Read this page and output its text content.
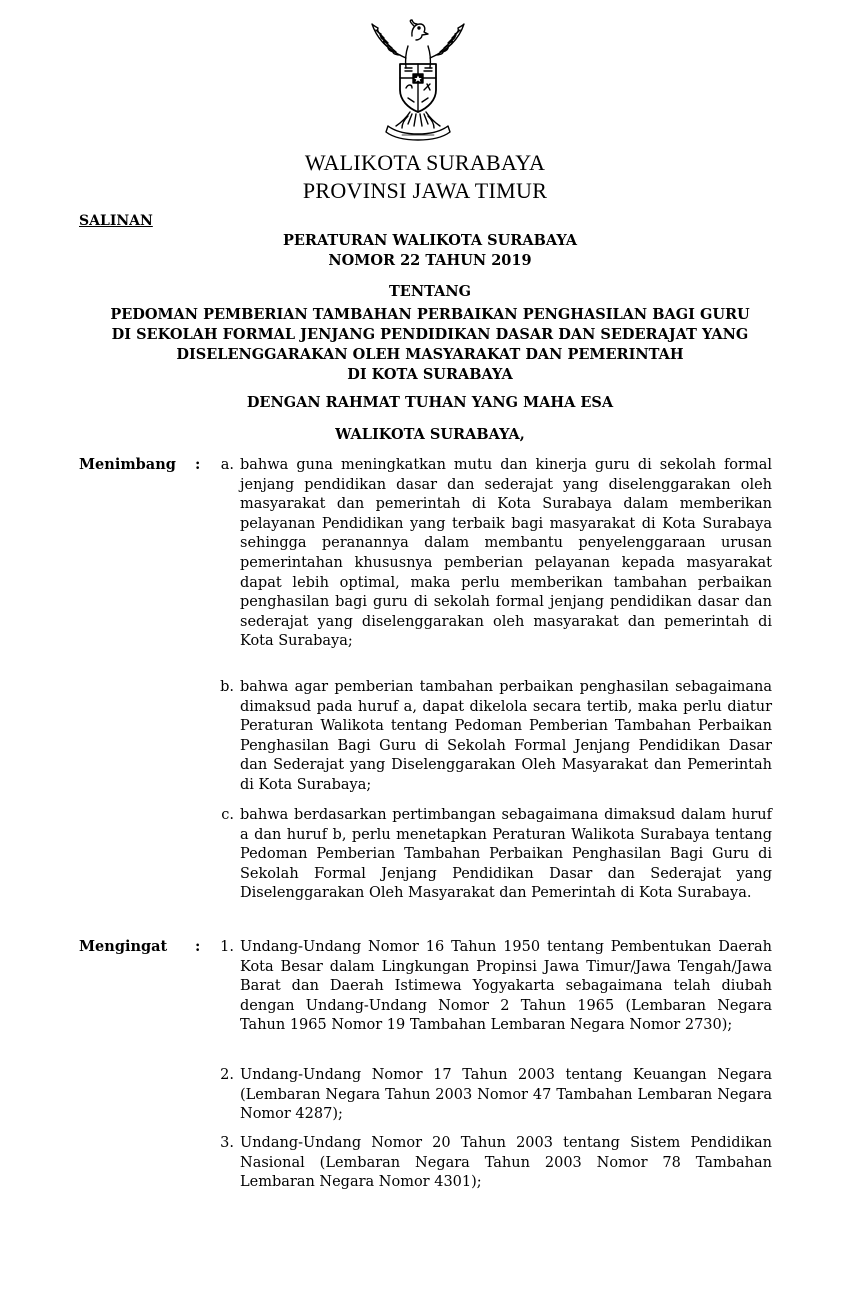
WALIKOTA SURABAYA
PROVINSI JAWA TIMUR
SALINAN
PERATURAN WALIKOTA SURABAYA
NOMOR 22 TAHUN 2019
TENTANG
PEDOMAN PEMBERIAN TAMBAHAN PERBAIKAN PENGHASILAN BAGI GURU
DI SEKOLAH FORMAL JENJANG PENDIDIKAN DASAR DAN SEDERAJAT YANG
DISELENGGARAKAN OLEH MASYARAKAT DAN PEMERINTAH
DI KOTA SURABAYA
DENGAN RAHMAT TUHAN YANG MAHA ESA
WALIKOTA SURABAYA,
Menimbang :	a. bahwa guna meningkatkan mutu dan kinerja guru di sekolah formal jenjang pendidikan dasar dan sederajat yang diselenggarakan oleh masyarakat dan pemerintah di Kota Surabaya dalam memberikan pelayanan Pendidikan yang terbaik bagi masyarakat di Kota Surabaya sehingga peranannya dalam membantu penyelenggaraan urusan pemerintahan khususnya pemberian pelayanan kepada masyarakat dapat lebih optimal, maka perlu memberikan tambahan perbaikan penghasilan bagi guru di sekolah formal jenjang pendidikan dasar dan sederajat yang diselenggarakan oleh masyarakat dan pemerintah di Kota Surabaya;
b. bahwa agar pemberian tambahan perbaikan penghasilan sebagaimana dimaksud pada huruf a, dapat dikelola secara tertib, maka perlu diatur Peraturan Walikota tentang Pedoman Pemberian Tambahan Perbaikan Penghasilan Bagi Guru di Sekolah Formal Jenjang Pendidikan Dasar dan Sederajat yang Diselenggarakan Oleh Masyarakat dan Pemerintah di Kota Surabaya;
c. bahwa berdasarkan pertimbangan sebagaimana dimaksud dalam huruf a dan huruf b, perlu menetapkan Peraturan Walikota Surabaya tentang Pedoman Pemberian Tambahan Perbaikan Penghasilan Bagi Guru di Sekolah Formal Jenjang Pendidikan Dasar dan Sederajat yang Diselenggarakan Oleh Masyarakat dan Pemerintah di Kota Surabaya.
Mengingat :	1. Undang-Undang Nomor 16 Tahun 1950 tentang Pembentukan Daerah Kota Besar dalam Lingkungan Propinsi Jawa Timur/Jawa Tengah/Jawa Barat dan Daerah Istimewa Yogyakarta sebagaimana telah diubah dengan Undang-Undang Nomor 2 Tahun 1965 (Lembaran Negara Tahun 1965 Nomor 19 Tambahan Lembaran Negara Nomor 2730);
2. Undang-Undang Nomor 17 Tahun 2003 tentang Keuangan Negara (Lembaran Negara Tahun 2003 Nomor 47 Tambahan Lembaran Negara Nomor 4287);
3. Undang-Undang Nomor 20 Tahun 2003 tentang Sistem Pendidikan Nasional (Lembaran Negara Tahun 2003 Nomor 78 Tambahan Lembaran Negara Nomor 4301);
